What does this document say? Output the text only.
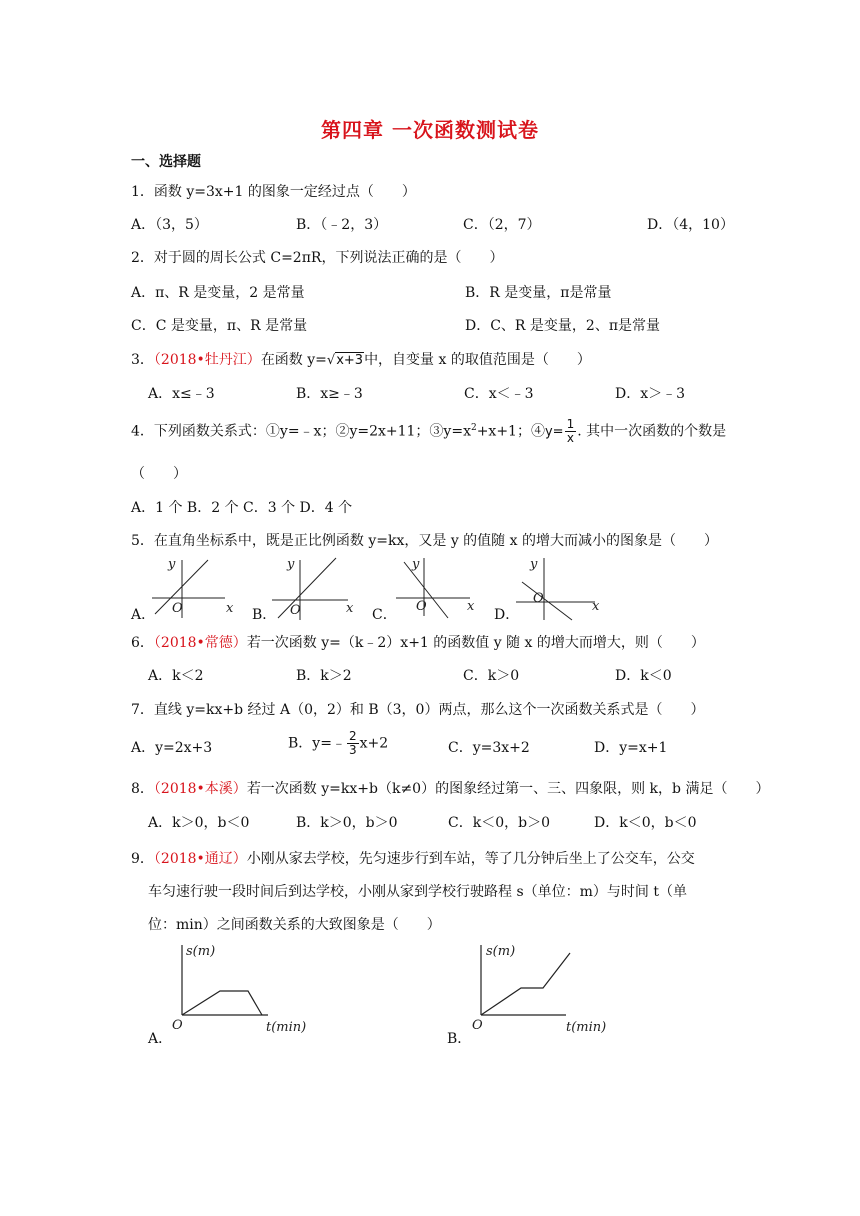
第四章 一次函数测试卷
一、选择题
1．函数 y=3x+1 的图象一定经过点（　　）
A．（3，5）	B．（﹣2，3）	C．（2，7）	D．（4，10）
2．对于圆的周长公式 C=2πR，下列说法正确的是（　　）
A．π、R 是变量，2 是常量	B．R 是变量，π是常量
C．C 是变量，π、R 是常量	D．C、R 是变量，2、π是常量
3．（2018•牡丹江）在函数 y=√x+3中，自变量 x 的取值范围是（　　）
A．x≤﹣3	B．x≥﹣3	C．x＜﹣3	D．x＞﹣3
4．下列函数关系式：①y=﹣x；②y=2x+11；$③y=x^2+x+1$；④y= $\frac{1}{x}$ . 其中一次函数的个数是
（　　）
A．1 个 B．2 个 C．3 个 D．4 个
5．在直角坐标系中，既是正比例函数 y=kx，又是 y 的值随 x 的增大而减小的图象是（　　）
A．	B．	C．	D．
y
O	x
y
O	x
y
O	x
y
O
x
6．（2018•常德）若一次函数 y=（k﹣2）x+1 的函数值 y 随 x 的增大而增大，则（　　）
A．k＜2	B．k＞2	C．k＞0	D．k＜0
7．直线 y=kx+b 经过 A（0，2）和 B（3，0）两点，那么这个一次函数关系式是（　　）
A．y=2x+3	B．y=﹣ $\frac{2}{3} x+2$	C．y=3x+2	D．y=x+1
8．（2018•本溪）若一次函数 y=kx+b（k≠0）的图象经过第一、三、四象限，则 k，b 满足（　　）
A．k＞0，b＜0	B．k＞0，b＞0	C．k＜0，b＞0	D．k＜0，b＜0
9．（2018•通辽）小刚从家去学校，先匀速步行到车站，等了几分钟后坐上了公交车，公交
车匀速行驶一段时间后到达学校，小刚从家到学校行驶路程 s（单位：m）与时间 t（单
位：min）之间函数关系的大致图象是（　　）
A．	B．
s(m)
O	t(min)
s(m)
O	t(min)
